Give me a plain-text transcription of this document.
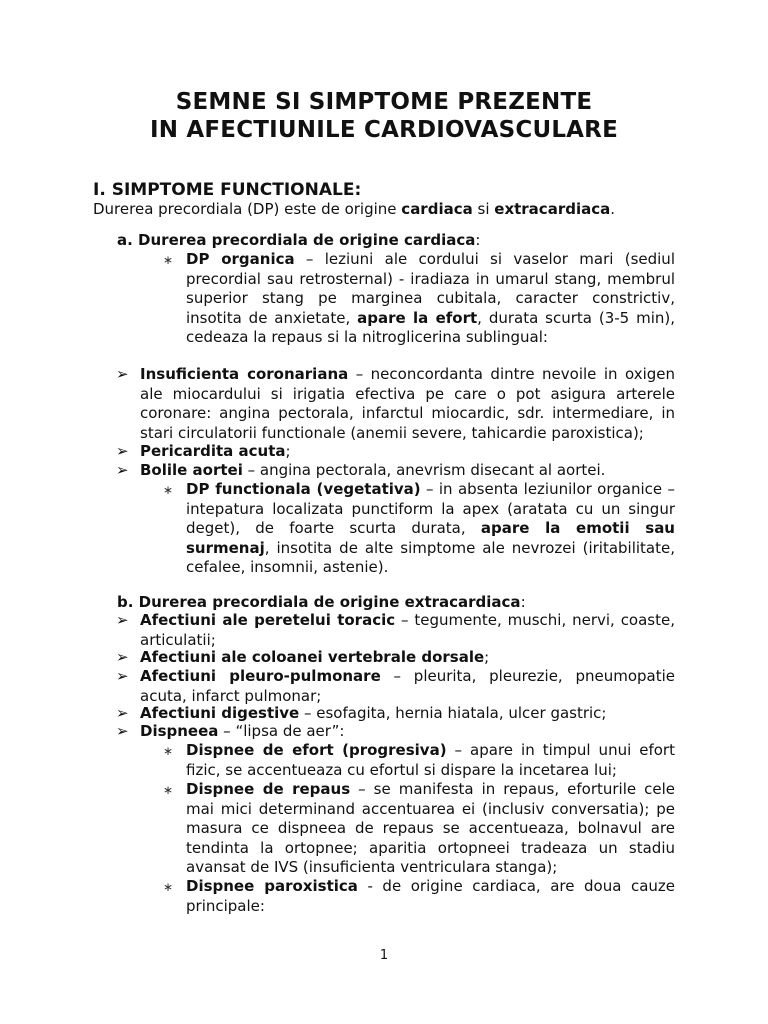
SEMNE SI SIMPTOME PREZENTE
IN AFECTIUNILE CARDIOVASCULARE
I. SIMPTOME FUNCTIONALE:
Durerea precordiala (DP) este de origine cardiaca si extracardiaca.
a. Durerea precordiala de origine cardiaca:
∗ DP organica – leziuni ale cordului si vaselor mari (sediul precordial sau retrosternal) - iradiaza in umarul stang, membrul superior stang pe marginea cubitala, caracter constrictiv, insotita de anxietate, apare la efort, durata scurta (3-5 min), cedeaza la repaus si la nitroglicerina sublingual:
➢ Insuficienta coronariana – neconcordanta dintre nevoile in oxigen ale miocardului si irigatia efectiva pe care o pot asigura arterele coronare: angina pectorala, infarctul miocardic, sdr. intermediare, in stari circulatorii functionale (anemii severe, tahicardie paroxistica);
➢ Pericardita acuta;
➢ Bolile aortei – angina pectorala, anevrism disecant al aortei.
∗ DP functionala (vegetativa) – in absenta leziunilor organice – intepatura localizata punctiform la apex (aratata cu un singur deget), de foarte scurta durata, apare la emotii sau surmenaj, insotita de alte simptome ale nevrozei (iritabilitate, cefalee, insomnii, astenie).
b. Durerea precordiala de origine extracardiaca:
➢ Afectiuni ale peretelui toracic – tegumente, muschi, nervi, coaste, articulatii;
➢ Afectiuni ale coloanei vertebrale dorsale;
➢ Afectiuni pleuro-pulmonare – pleurita, pleurezie, pneumopatie acuta, infarct pulmonar;
➢ Afectiuni digestive – esofagita, hernia hiatala, ulcer gastric;
➢ Dispneea – “lipsa de aer”:
∗ Dispnee de efort (progresiva) – apare in timpul unui efort fizic, se accentueaza cu efortul si dispare la incetarea lui;
∗ Dispnee de repaus – se manifesta in repaus, eforturile cele mai mici determinand accentuarea ei (inclusiv conversatia); pe masura ce dispneea de repaus se accentueaza, bolnavul are tendinta la ortopnee; aparitia ortopneei tradeaza un stadiu avansat de IVS (insuficienta ventriculara stanga);
∗ Dispnee paroxistica - de origine cardiaca, are doua cauze principale:
1
